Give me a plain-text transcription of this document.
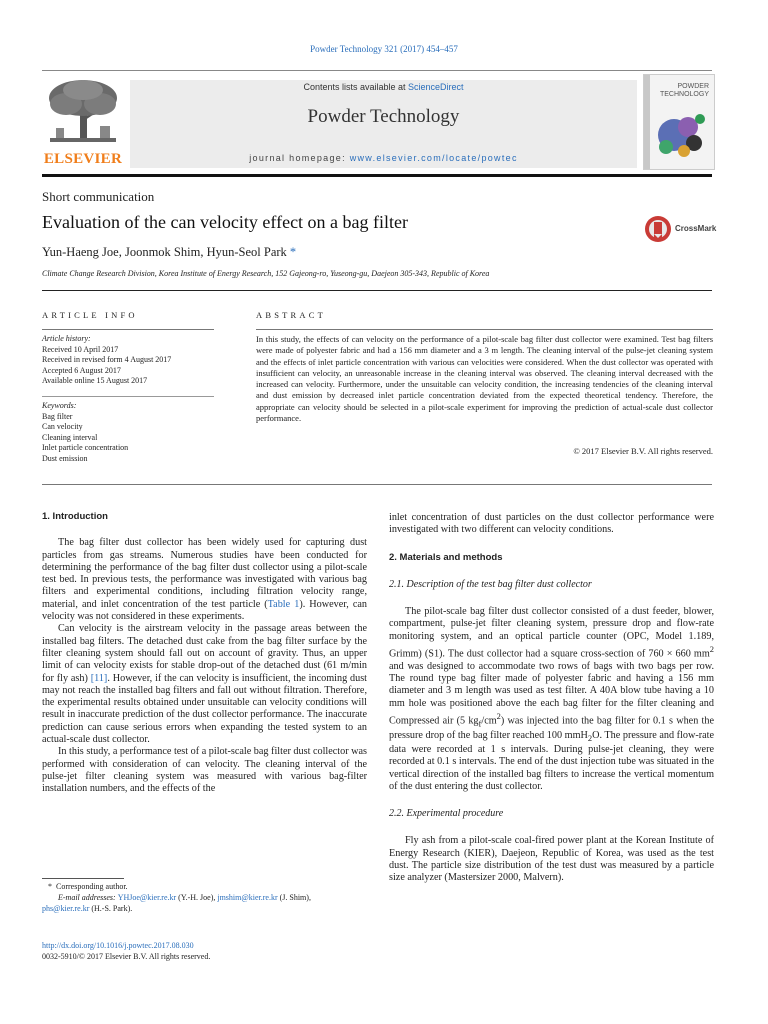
Powder Technology 321 (2017) 454–457
ELSEVIER
Contents lists available at ScienceDirect
Powder Technology
journal homepage: www.elsevier.com/locate/powtec
POWDER TECHNOLOGY
Short communication
Evaluation of the can velocity effect on a bag filter	CrossMark
Yun-Haeng Joe, Joonmok Shim, Hyun-Seol Park *
Climate Change Research Division, Korea Institute of Energy Research, 152 Gajeong-ro, Yuseong-gu, Daejeon 305-343, Republic of Korea
ARTICLE INFO
Article history:
Received 10 April 2017
Received in revised form 4 August 2017
Accepted 6 August 2017
Available online 15 August 2017
Keywords:
Bag filter
Can velocity
Cleaning interval
Inlet particle concentration
Dust emission
ABSTRACT

In this study, the effects of can velocity on the performance of a pilot-scale bag filter dust collector were examined. Test bag filters were made of polyester fabric and had a 156 mm diameter and a 3 m length. The cleaning interval of the pulse-jet cleaning system and the effects of inlet particle concentration with various can velocities were considered. When the dust collector was operated with insufficient can velocity, an unreasonable increase in the cleaning interval was observed. The cleaning interval decreased with the increased can velocity. Furthermore, under the unsuitable can velocity condition, the increasing tendencies of the cleaning interval and dust emission by decreased inlet particle concentration deviated from the expected theoretical tendency. Therefore, the appropriate can velocity should be selected in a pilot-scale experiment for improving the prediction of actual-scale dust collector performance.

© 2017 Elsevier B.V. All rights reserved.
1. Introduction

The bag filter dust collector has been widely used for capturing dust particles from gas streams. Numerous studies have been conducted for determining the performance of the bag filter dust collector using a pilot-scale test bed. In previous tests, the performance was investigated with various bag filters and experimental conditions, including filtration velocity range, material, and inlet concentration of the test particle (Table 1). However, can velocity was not considered in these experiments.

Can velocity is the airstream velocity in the passage areas between the installed bag filters. The detached dust cake from the bag filter surface by the filter cleaning system should fall out on account of gravity. Thus, an upper limit of can velocity exists for stable drop-out of the detached dust (61 m/min for fly ash) [11]. However, if the can velocity is insufficient, the incoming dust may not reach the installed bag filters and fall out without filtration. Therefore, the experimental results obtained under unsuitable can velocity conditions will result in inaccurate prediction of the dust collector performance. The inaccurate prediction can cause serious errors when expanding the tested system to an actual-scale dust collector.

In this study, a performance test of a pilot-scale bag filter dust collector was performed with consideration of can velocity. The cleaning interval of the pulse-jet filter cleaning system was measured with various bag-filter installation numbers, and the effects of the

* Corresponding author.
E-mail addresses: YHJoe@kier.re.kr (Y.-H. Joe), jmshim@kier.re.kr (J. Shim),
phs@kier.re.kr (H.-S. Park).
http://dx.doi.org/10.1016/j.powtec.2017.08.030
0032-5910/© 2017 Elsevier B.V. All rights reserved.

inlet concentration of dust particles on the dust collector performance were investigated with two different can velocity conditions.

2. Materials and methods
2.1. Description of the test bag filter dust collector

The pilot-scale bag filter dust collector consisted of a dust feeder, blower, compartment, pulse-jet filter cleaning system, pressure drop and flow-rate monitoring system, and an optical particle counter (OPC, Model 1.189, Grimm) (S1). The dust collector had a square cross-section of 760 × 660 $mm^2$ and was designed to accommodate two rows of bags with two bags per row. The round type bag filter made of polyester fabric and having a 156 mm diameter and 3 m length was used as test filter. A 40A blow tube having a 10 mm hole was positioned above the each bag filter for the filter cleaning and Compressed air (5 $kg_f/cm^2$) was injected into the bag filter for 0.1 s when the pressure drop of the bag filter reached 100 mmH$_2$O. The pressure and flow-rate data were recorded at 1 s intervals. During pulse-jet cleaning, they were recorded at 0.1 s intervals. The end of the dust injection tube was situated in the vertical direction of the installed bag filters to increase the vertical momentum of the dust entering the dust collector.

2.2. Experimental procedure

Fly ash from a pilot-scale coal-fired power plant at the Korean Institute of Energy Research (KIER), Daejeon, Republic of Korea, was used as the test dust. The particle size distribution of the test dust was measured by a particle size analyzer (Mastersizer 2000, Malvern).
